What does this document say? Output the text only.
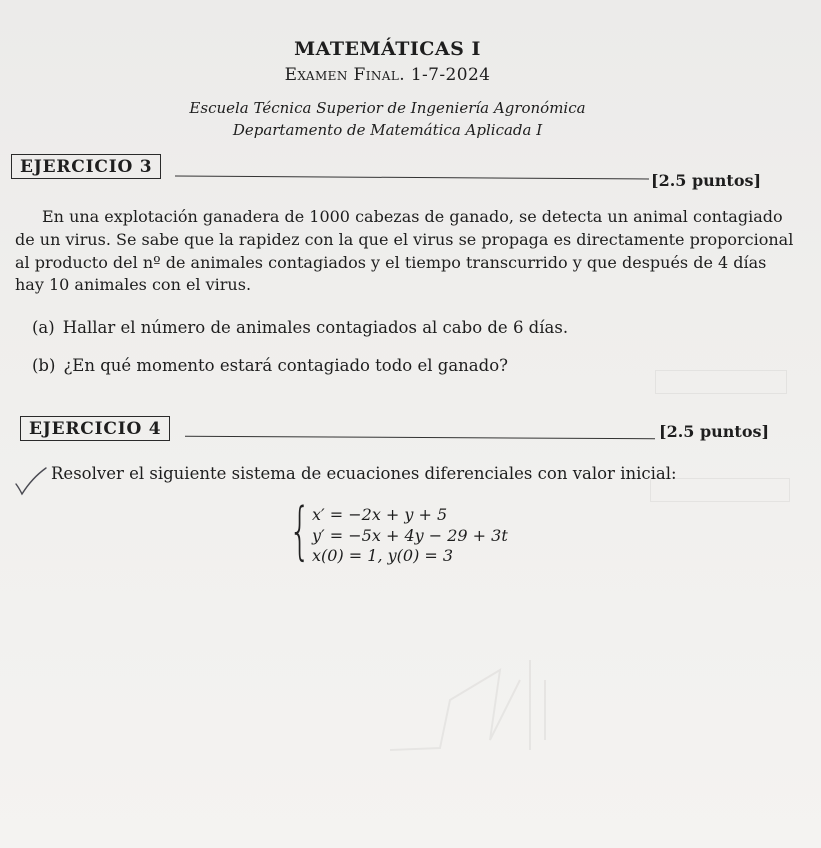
MATEMÁTICAS I
Examen Final. 1-7-2024
Escuela Técnica Superior de Ingeniería Agronómica
Departamento de Matemática Aplicada I
EJERCICIO 3
[2.5 puntos]
En una explotación ganadera de 1000 cabezas de ganado, se detecta un animal contagiado
de un virus. Se sabe que la rapidez con la que el virus se propaga es directamente proporcional
al producto del nº de animales contagiados y el tiempo transcurrido y que después de 4 días
hay 10 animales con el virus.
(a) Hallar el número de animales contagiados al cabo de 6 días.
(b) ¿En qué momento estará contagiado todo el ganado?
EJERCICIO 4	[2.5 puntos]
Resolver el siguiente sistema de ecuaciones diferenciales con valor inicial:
{ x′ = −2x + y + 5
y′ = −5x + 4y − 29 + 3t
x(0) = 1, y(0) = 3
